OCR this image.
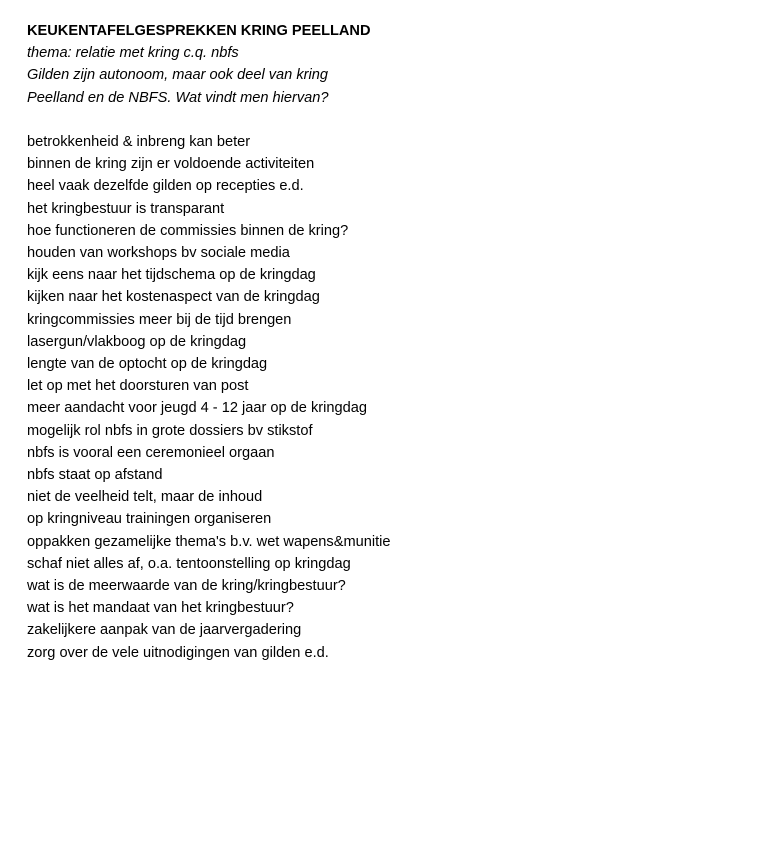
KEUKENTAFELGESPREKKEN KRING PEELLAND
thema: relatie met kring c.q. nbfs
Gilden zijn autonoom, maar ook deel van kring
Peelland en de NBFS. Wat vindt men hiervan?
betrokkenheid & inbreng kan beter
binnen de kring zijn er voldoende activiteiten
heel vaak dezelfde gilden op recepties e.d.
het kringbestuur is transparant
hoe functioneren de commissies binnen de kring?
houden van workshops bv sociale media
kijk eens naar het tijdschema op de kringdag
kijken naar het kostenaspect van de kringdag
kringcommissies meer bij de tijd brengen
lasergun/vlakboog op de kringdag
lengte van de optocht op de kringdag
let op met het doorsturen van post
meer aandacht voor jeugd 4 - 12 jaar op de kringdag
mogelijk rol nbfs in grote dossiers bv stikstof
nbfs is vooral een ceremonieel orgaan
nbfs staat op afstand
niet de veelheid telt, maar de inhoud
op kringniveau trainingen organiseren
oppakken gezamelijke thema's b.v. wet wapens&munitie
schaf niet alles af, o.a. tentoonstelling op kringdag
wat is de meerwaarde van de kring/kringbestuur?
wat is het mandaat van het kringbestuur?
zakelijkere aanpak van de jaarvergadering
zorg over de vele uitnodigingen van gilden e.d.
